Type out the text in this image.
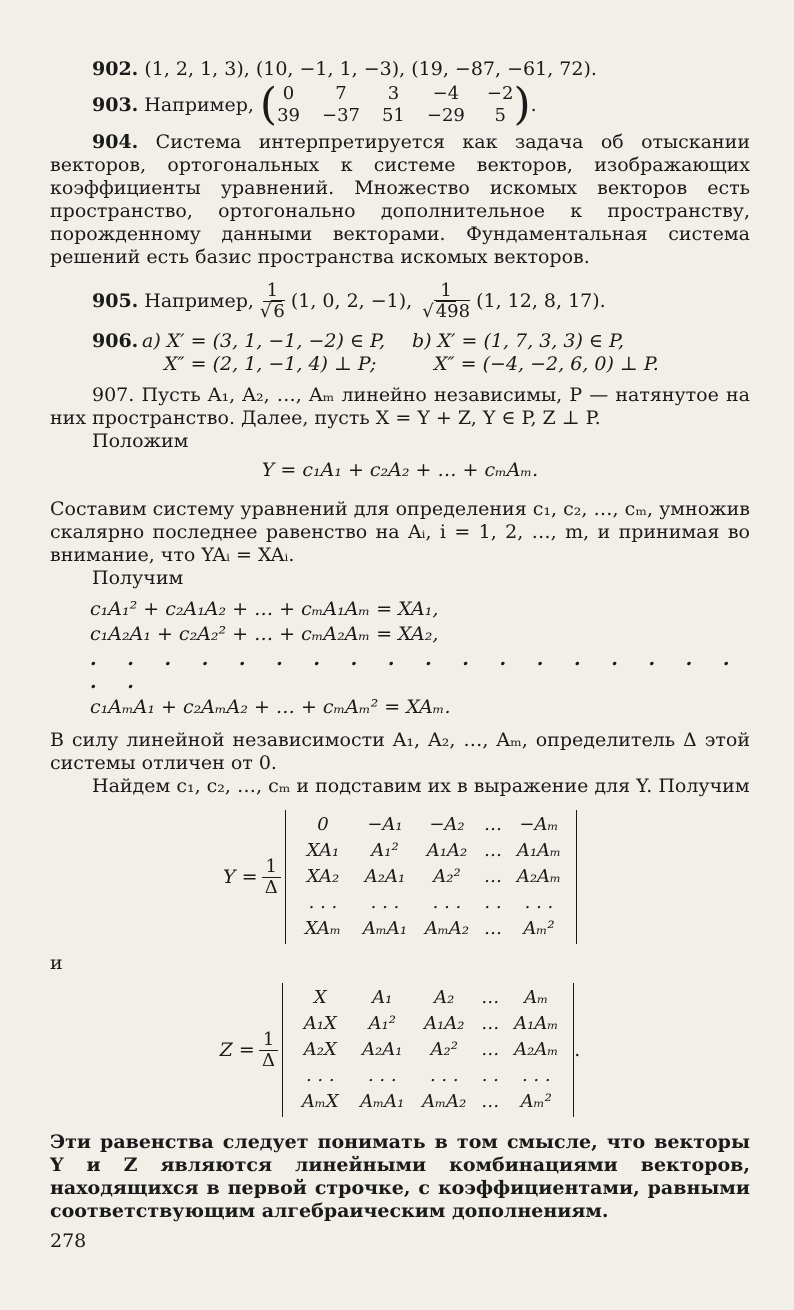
902. (1, 2, 1, 3), (10, −1, 1, −3), (19, −87, −61, 72).

903. Например, ( 0	7	3	−4	−2
39 −37 51 −29	5 ) .

904. Система интерпретируется как задача об отыскании векторов, ортогональных к системе векторов, изображающих коэффициенты уравнений. Множество искомых векторов есть пространство, ортогонально дополнительное к пространству, порожденному данными векторами. Фундаментальная система решений есть базис пространства искомых векторов.

905. Например, $\frac{1}{√ 6} (1$, 0, 2, −1), $\frac{1}{√ 498} (1$, 12, 8, 17).
906. a) X′ = (3, 1, −1, −2) ∈ P,	b) X′ = (1, 7, 3, 3) ∈ P,
X″ = (2, 1, −1, 4) ⊥ P;	X″ = (−4, −2, 6, 0) ⊥ P.

907. Пусть A₁, A₂, …, Aₘ линейно независимы, P — натянутое на них пространство. Далее, пусть X = Y + Z, Y ∈ P, Z ⊥ P.

Положим

Y = c₁A₁ + c₂A₂ + … + cₘAₘ.

Составим систему уравнений для определения c₁, c₂, …, cₘ, умножив скалярно последнее равенство на Aᵢ, i = 1, 2, …, m, и принимая во внимание, что YAᵢ = XAᵢ.

Получим

c₁A₁² + c₂A₁A₂ + … + cₘA₁Aₘ = XA₁,
c₁A₂A₁ + c₂A₂² + … + cₘA₂Aₘ = XA₂,
. . . . . . . . . . . . . . . . . . . .
c₁AₘA₁ + c₂AₘA₂ + … + cₘAₘ² = XAₘ.

В силу линейной независимости A₁, A₂, …, Aₘ, определитель Δ этой системы отличен от 0.

Найдем c₁, c₂, …, cₘ и подставим их в выражение для Y. Получим

$Y = \frac{1}{\Delta}$
0	−A₁	−A₂	… −Aₘ
XA₁	A₁²	A₁A₂ … A₁Aₘ
XA₂	A₂A₁	A₂²	… A₂Aₘ
. . .	. . .	. . .	. .	. . .
XAₘ	AₘA₁ AₘA₂ …	Aₘ²

и

$Z = \frac{1}{\Delta}$
X	A₁	A₂	…	Aₘ
A₁X	A₁²	A₁A₂ … A₁Aₘ
A₂X	A₂A₁	A₂²	… A₂Aₘ
. . .	. . .	. . .	. .	. . .
AₘX	AₘA₁ AₘA₂ …	Aₘ²
.

Эти равенства следует понимать в том смысле, что векторы Y и Z являются линейными комбинациями векторов, находящихся в первой строчке, с коэффициентами, равными соответствующим алгебраическим дополнениям.

278
